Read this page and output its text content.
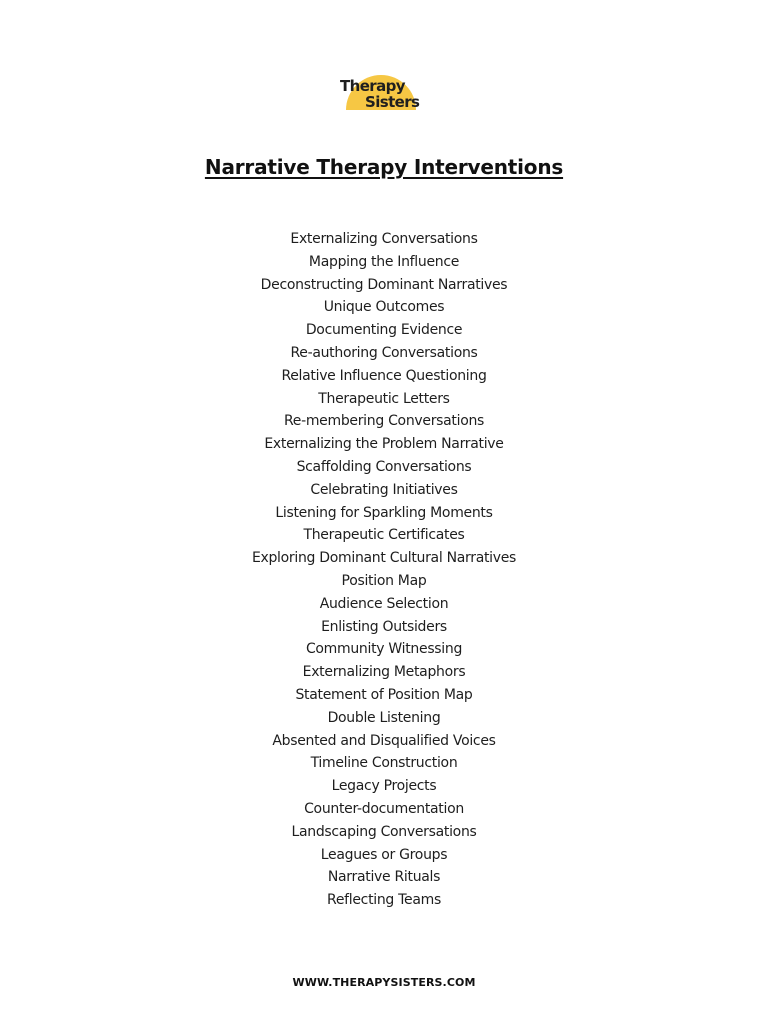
Therapy
Sisters
Narrative Therapy Interventions
Externalizing Conversations
Mapping the Influence
Deconstructing Dominant Narratives
Unique Outcomes
Documenting Evidence
Re-authoring Conversations
Relative Influence Questioning
Therapeutic Letters
Re-membering Conversations
Externalizing the Problem Narrative
Scaffolding Conversations
Celebrating Initiatives
Listening for Sparkling Moments
Therapeutic Certificates
Exploring Dominant Cultural Narratives
Position Map
Audience Selection
Enlisting Outsiders
Community Witnessing
Externalizing Metaphors
Statement of Position Map
Double Listening
Absented and Disqualified Voices
Timeline Construction
Legacy Projects
Counter-documentation
Landscaping Conversations
Leagues or Groups
Narrative Rituals
Reflecting Teams
WWW.THERAPYSISTERS.COM
